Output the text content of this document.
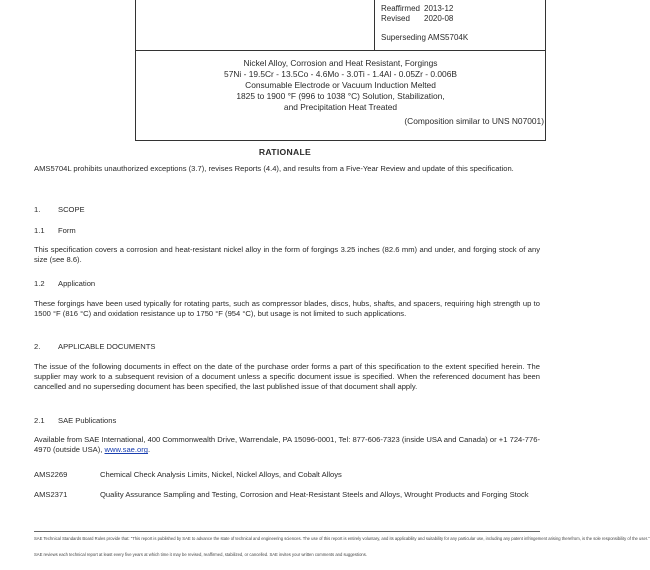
Reaffirmed 2013-12
Revised 2020-08
Superseding AMS5704K
Nickel Alloy, Corrosion and Heat Resistant, Forgings
57Ni - 19.5Cr - 13.5Co - 4.6Mo - 3.0Ti - 1.4Al - 0.05Zr - 0.006B
Consumable Electrode or Vacuum Induction Melted
1825 to 1900 °F (996 to 1038 °C) Solution, Stabilization,
and Precipitation Heat Treated
(Composition similar to UNS N07001)
RATIONALE
AMS5704L prohibits unauthorized exceptions (3.7), revises Reports (4.4), and results from a Five-Year Review and update of this specification.
1. SCOPE
1.1 Form
This specification covers a corrosion and heat-resistant nickel alloy in the form of forgings 3.25 inches (82.6 mm) and under, and forging stock of any size (see 8.6).
1.2 Application
These forgings have been used typically for rotating parts, such as compressor blades, discs, hubs, shafts, and spacers, requiring high strength up to 1500 °F (816 °C) and oxidation resistance up to 1750 °F (954 °C), but usage is not limited to such applications.
2. APPLICABLE DOCUMENTS
The issue of the following documents in effect on the date of the purchase order forms a part of this specification to the extent specified herein. The supplier may work to a subsequent revision of a document unless a specific document issue is specified. When the referenced document has been cancelled and no superseding document has been specified, the last published issue of that document shall apply.
2.1 SAE Publications
Available from SAE International, 400 Commonwealth Drive, Warrendale, PA 15096-0001, Tel: 877-606-7323 (inside USA and Canada) or +1 724-776-4970 (outside USA), www.sae.org.
AMS2269	Chemical Check Analysis Limits, Nickel, Nickel Alloys, and Cobalt Alloys
AMS2371	Quality Assurance Sampling and Testing, Corrosion and Heat-Resistant Steels and Alloys, Wrought Products and Forging Stock
SAE Technical Standards Board Rules provide that: "This report is published by SAE to advance the state of technical and engineering sciences. The use of this report is entirely voluntary, and its applicability and suitability for any particular use, including any patent infringement arising therefrom, is the sole responsibility of the user."
SAE reviews each technical report at least every five years at which time it may be revised, reaffirmed, stabilized, or cancelled. SAE invites your written comments and suggestions.
